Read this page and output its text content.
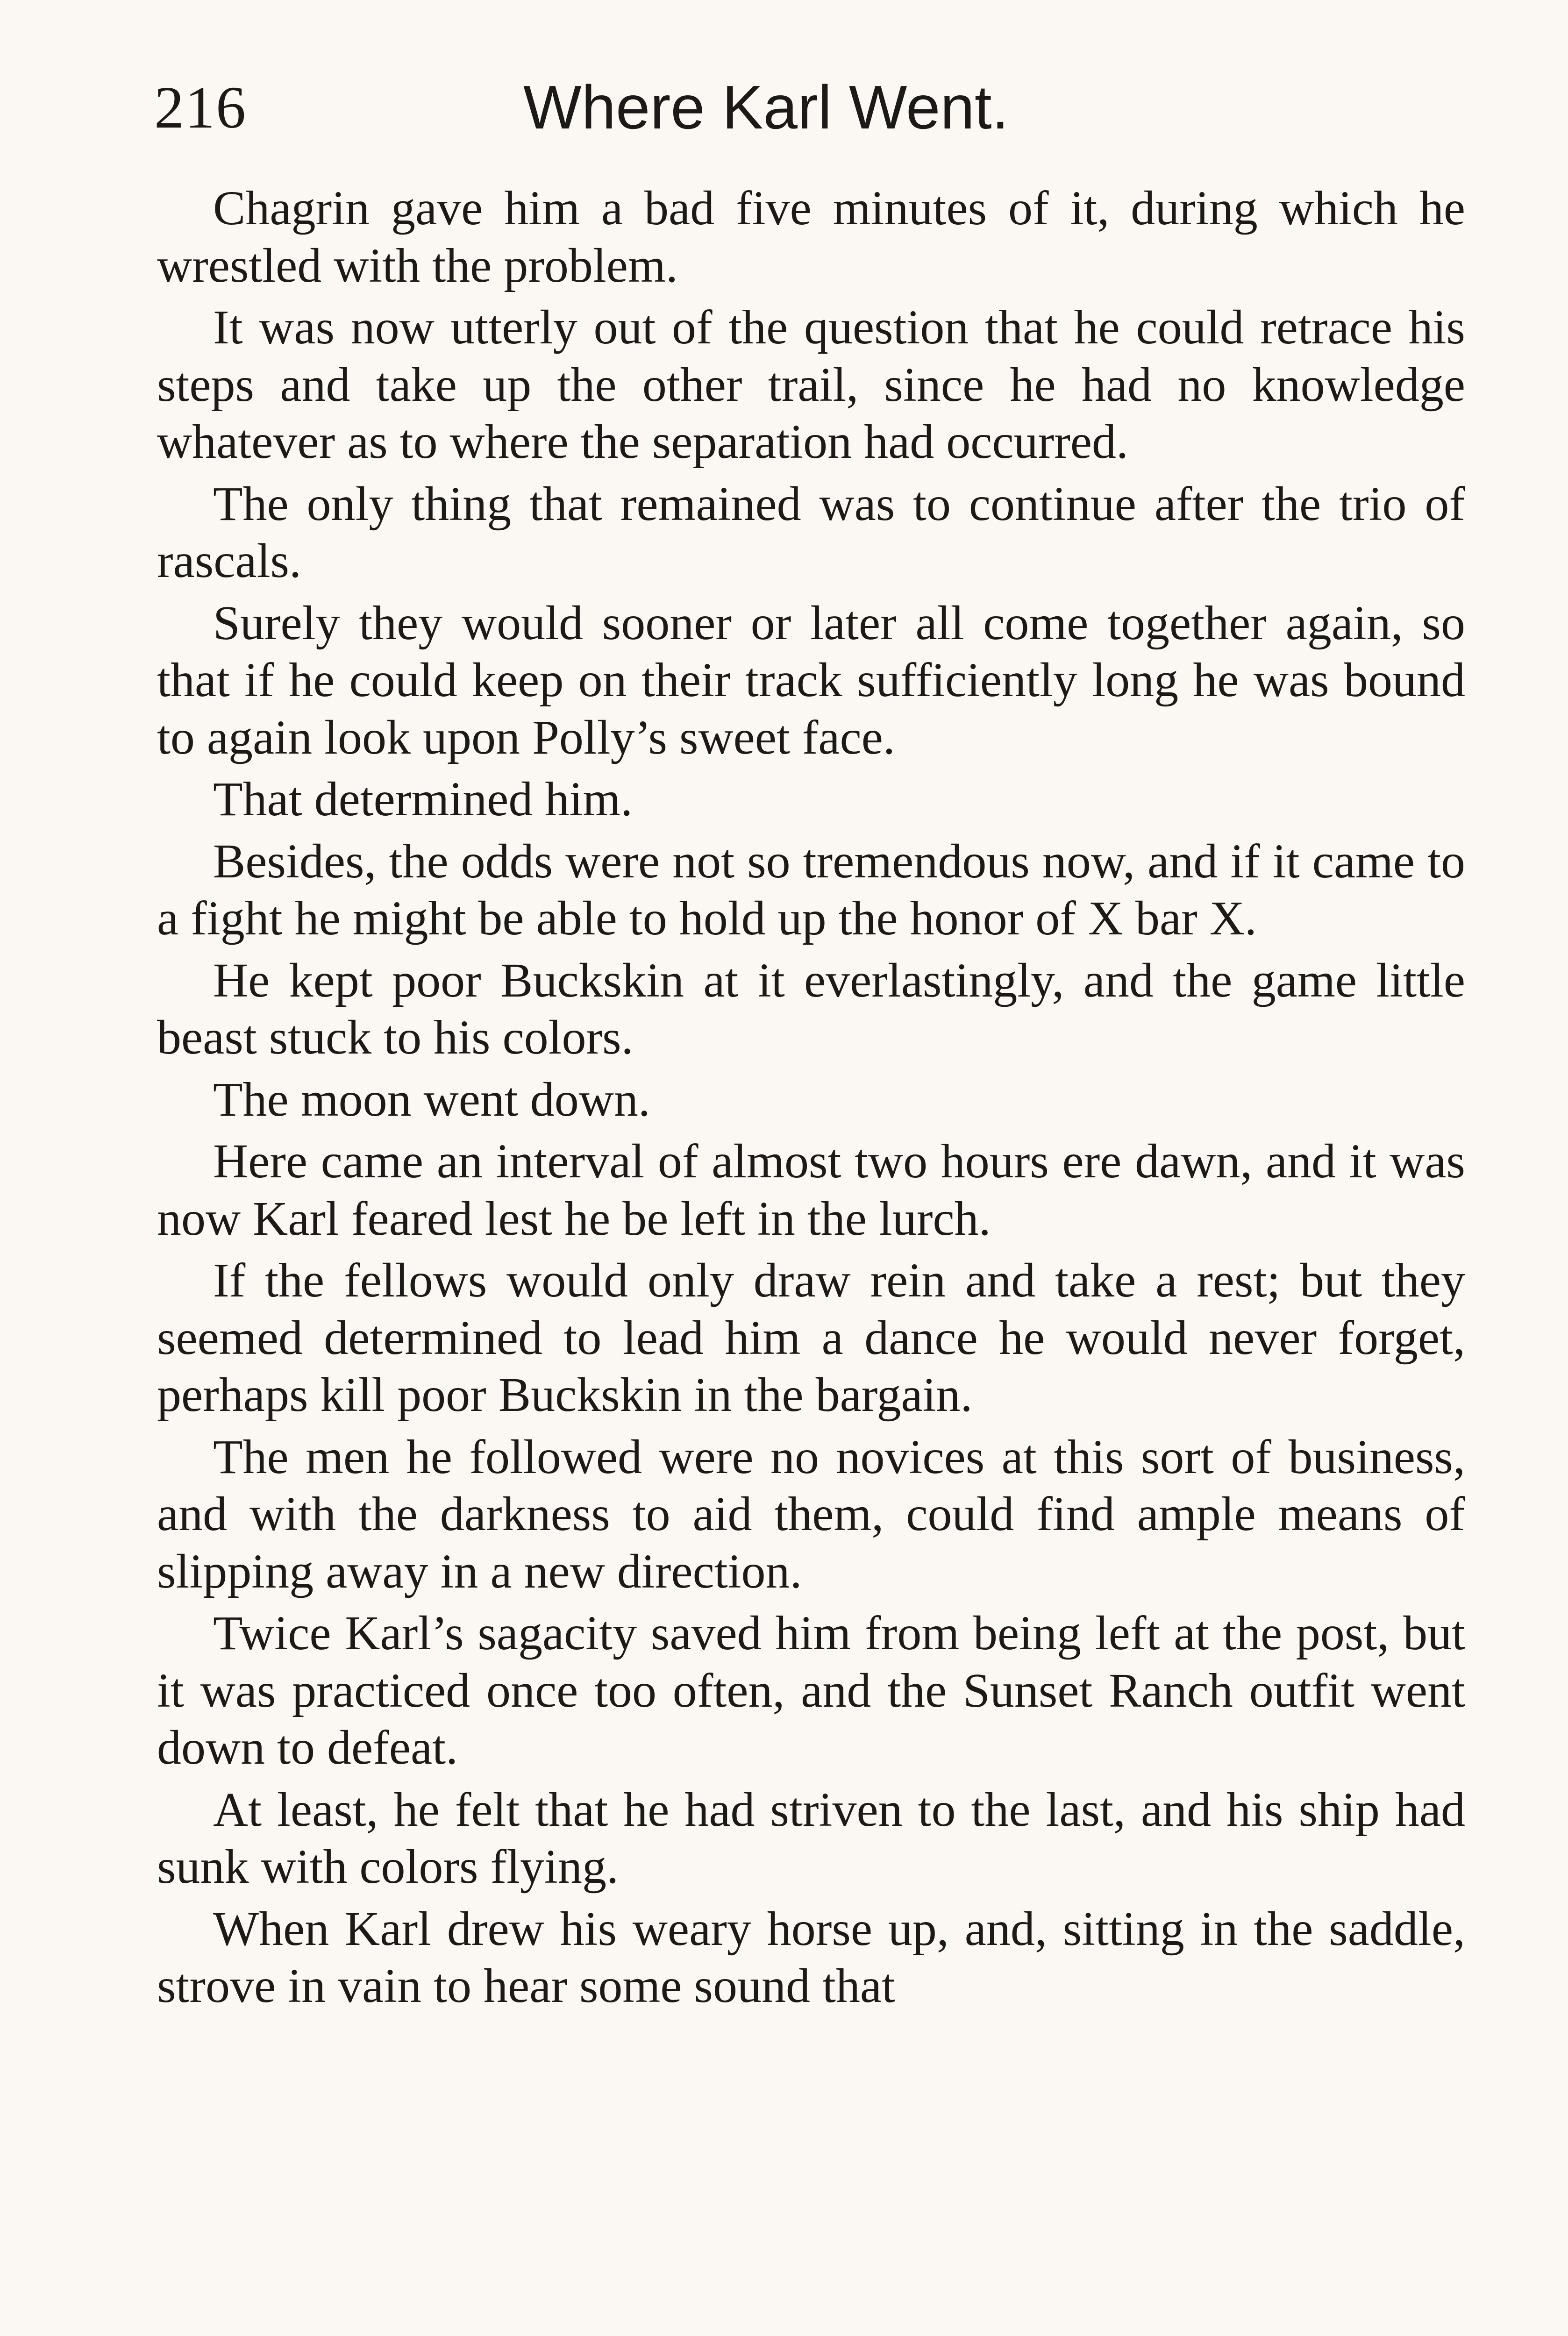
216	Where Karl Went.

Chagrin gave him a bad five minutes of it, during which he wrestled with the problem.

It was now utterly out of the question that he could retrace his steps and take up the other trail, since he had no knowledge whatever as to where the separation had occurred.

The only thing that remained was to continue after the trio of rascals.

Surely they would sooner or later all come together again, so that if he could keep on their track sufficiently long he was bound to again look upon Polly’s sweet face.

That determined him.

Besides, the odds were not so tremendous now, and if it came to a fight he might be able to hold up the honor of X bar X.

He kept poor Buckskin at it everlastingly, and the game little beast stuck to his colors.

The moon went down.

Here came an interval of almost two hours ere dawn, and it was now Karl feared lest he be left in the lurch.

If the fellows would only draw rein and take a rest; but they seemed determined to lead him a dance he would never forget, perhaps kill poor Buckskin in the bargain.

The men he followed were no novices at this sort of business, and with the darkness to aid them, could find ample means of slipping away in a new direction.

Twice Karl’s sagacity saved him from being left at the post, but it was practiced once too often, and the Sunset Ranch outfit went down to defeat.

At least, he felt that he had striven to the last, and his ship had sunk with colors flying.

When Karl drew his weary horse up, and, sitting in the saddle, strove in vain to hear some sound that
